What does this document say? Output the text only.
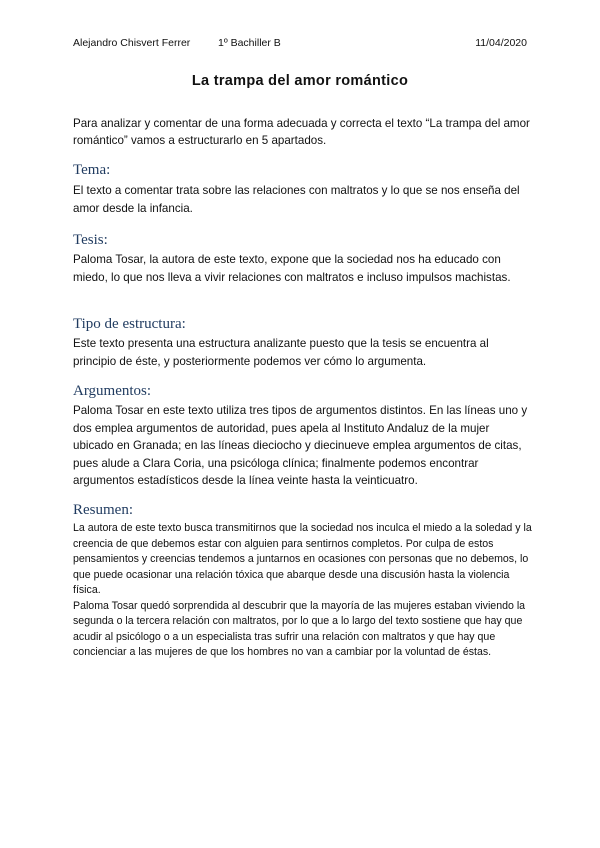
Alejandro Chisvert Ferrer	1º Bachiller B	11/04/2020
La trampa del amor romántico
Para analizar y comentar de una forma adecuada y correcta el texto “La trampa del amor romántico” vamos a estructurarlo en 5 apartados.
Tema:
El texto a comentar trata sobre las relaciones con maltratos y lo que se nos enseña del amor desde la infancia.
Tesis:
Paloma Tosar, la autora de este texto, expone que la sociedad nos ha educado con miedo, lo que nos lleva a vivir relaciones con maltratos e incluso impulsos machistas.
Tipo de estructura:
Este texto presenta una estructura analizante puesto que la tesis se encuentra al principio de éste, y posteriormente podemos ver cómo lo argumenta.
Argumentos:
Paloma Tosar en este texto utiliza tres tipos de argumentos distintos. En las líneas uno y dos emplea argumentos de autoridad, pues apela al Instituto Andaluz de la mujer ubicado en Granada; en las líneas dieciocho y diecinueve emplea argumentos de citas, pues alude a Clara Coria, una psicóloga clínica; finalmente podemos encontrar argumentos estadísticos desde la línea veinte hasta la veinticuatro.
Resumen:

La autora de este texto busca transmitirnos que la sociedad nos inculca el miedo a la soledad y la creencia de que debemos estar con alguien para sentirnos completos. Por culpa de estos pensamientos y creencias tendemos a juntarnos en ocasiones con personas que no debemos, lo que puede ocasionar una relación tóxica que abarque desde una discusión hasta la violencia física.

Paloma Tosar quedó sorprendida al descubrir que la mayoría de las mujeres estaban viviendo la segunda o la tercera relación con maltratos, por lo que a lo largo del texto sostiene que hay que acudir al psicólogo o a un especialista tras sufrir una relación con maltratos y que hay que concienciar a las mujeres de que los hombres no van a cambiar por la voluntad de éstas.
